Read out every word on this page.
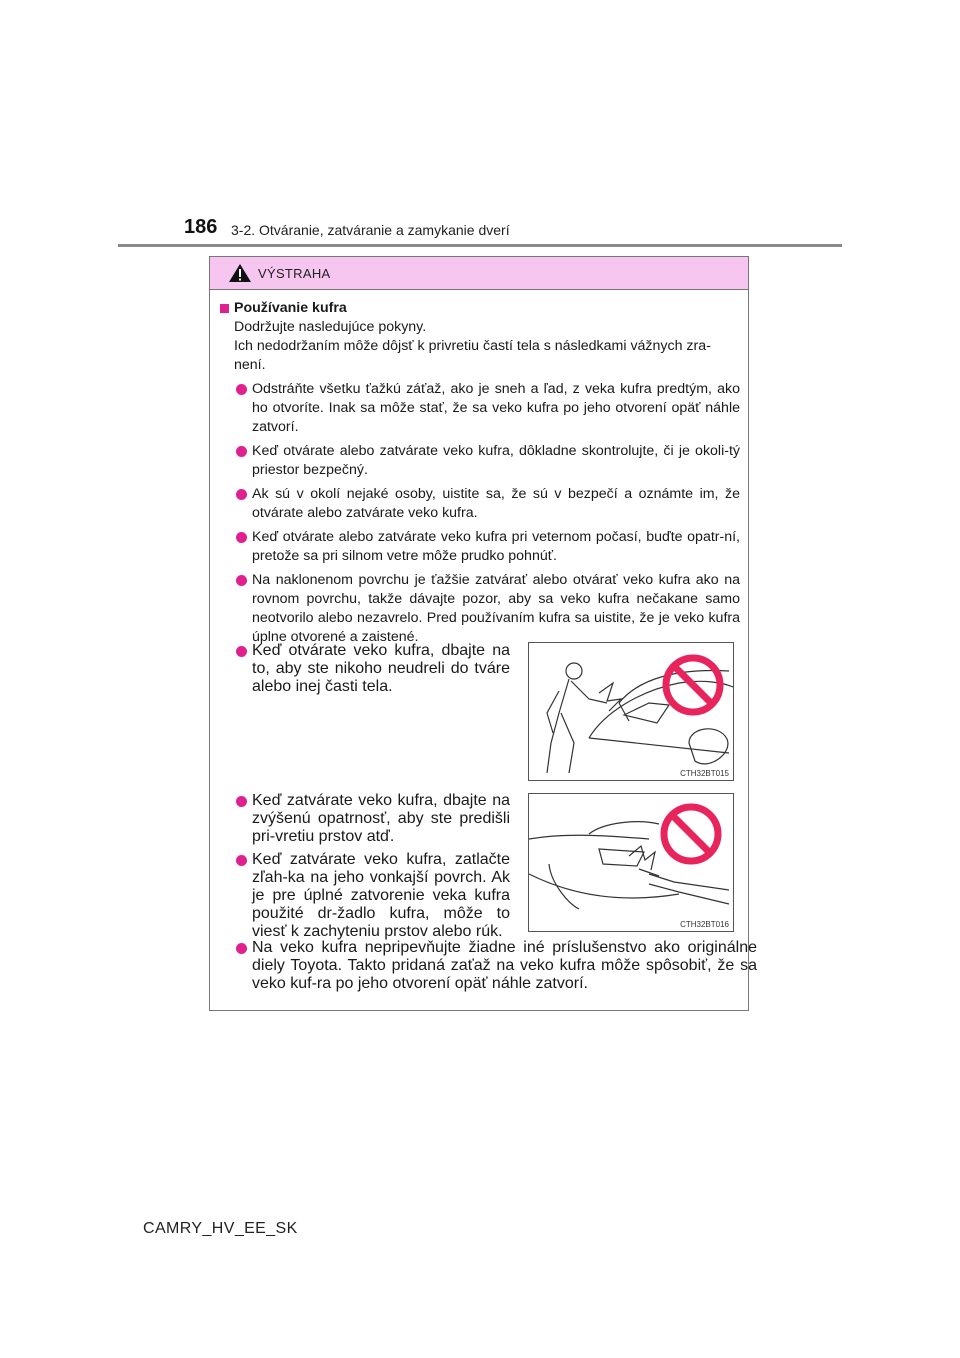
186 3-2. Otváranie, zatváranie a zamykanie dverí
VÝSTRAHA
Používanie kufra

Dodržujte nasledujúce pokyny.

Ich nedodržaním môže dôjsť k privretiu častí tela s následkami vážnych zra-není.

Odstráňte všetku ťažkú záťaž, ako je sneh a ľad, z veka kufra predtým, ako ho otvoríte. Inak sa môže stať, že sa veko kufra po jeho otvorení opäť náhle zatvorí.
Keď otvárate alebo zatvárate veko kufra, dôkladne skontrolujte, či je okoli-tý priestor bezpečný.
Ak sú v okolí nejaké osoby, uistite sa, že sú v bezpečí a oznámte im, že otvárate alebo zatvárate veko kufra.
Keď otvárate alebo zatvárate veko kufra pri veternom počasí, buďte opatr-ní, pretože sa pri silnom vetre môže prudko pohnúť.
Na naklonenom povrchu je ťažšie zatvárať alebo otvárať veko kufra ako na rovnom povrchu, takže dávajte pozor, aby sa veko kufra nečakane samo neotvorilo alebo nezavrelo. Pred používaním kufra sa uistite, že je veko kufra úplne otvorené a zaistené.
Keď otvárate veko kufra, dbajte na to, aby ste nikoho neudreli do tváre alebo inej časti tela.
CTH32BT015
Keď zatvárate veko kufra, dbajte na zvýšenú opatrnosť, aby ste predišli pri-vretiu prstov atď.
Keď zatvárate veko kufra, zatlačte zľah-ka na jeho vonkajší povrch. Ak je pre úplné zatvorenie veka kufra použité dr-žadlo kufra, môže to viesť k zachyteniu prstov alebo rúk.	CTH32BT016
Na veko kufra nepripevňujte žiadne iné príslušenstvo ako originálne diely Toyota. Takto pridaná zaťaž na veko kufra môže spôsobiť, že sa veko kuf-ra po jeho otvorení opäť náhle zatvorí.
CAMRY_HV_EE_SK
